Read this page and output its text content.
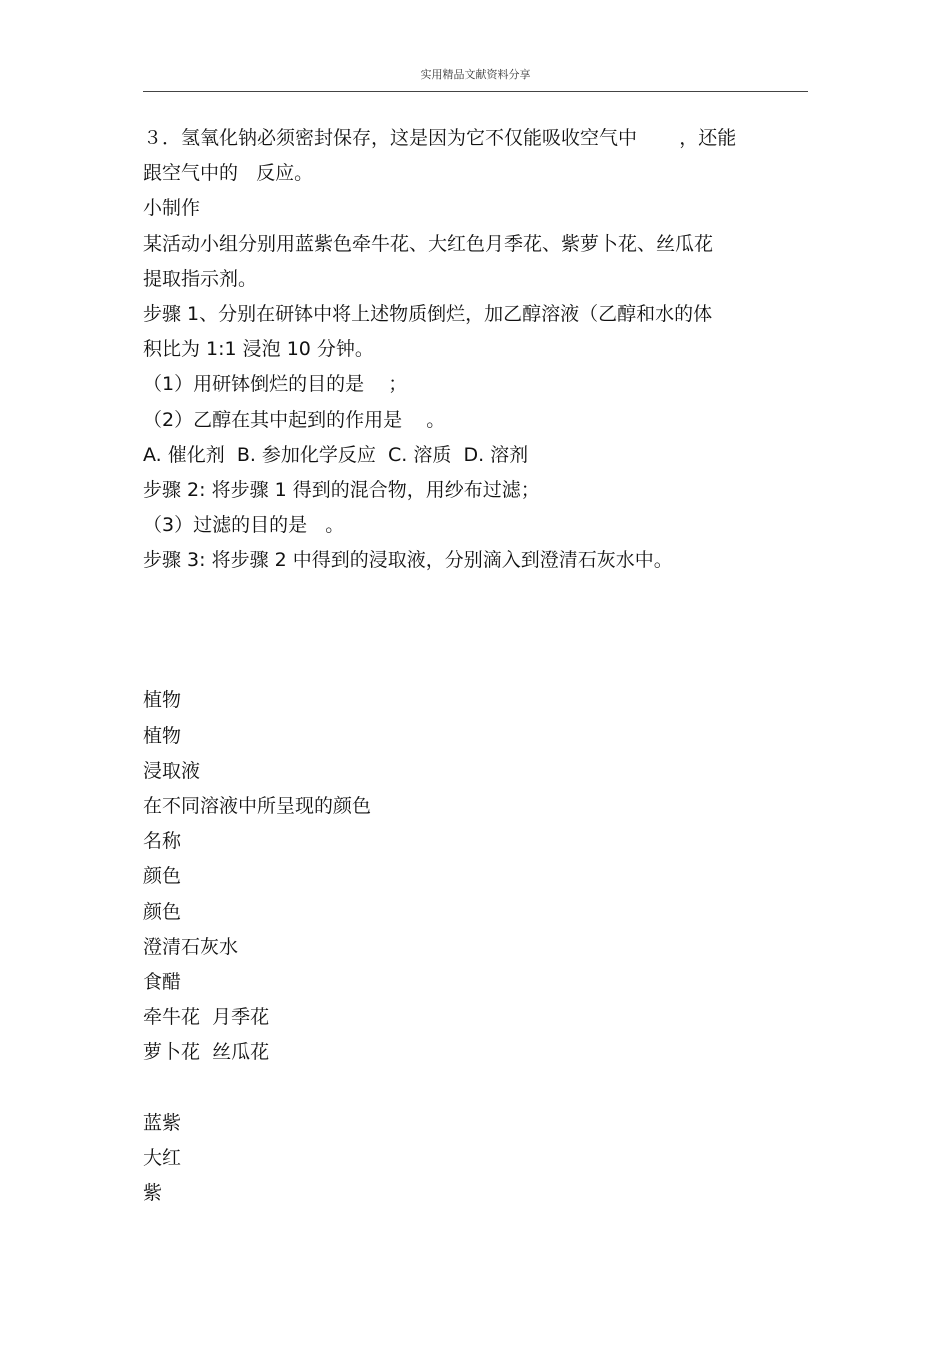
实用精品文献资料分享

３．氢氧化钠必须密封保存，这是因为它不仅能吸收空气中       ，还能

跟空气中的   反应。

小制作

某活动小组分别用蓝紫色牵牛花、大红色月季花、紫萝卜花、丝瓜花

提取指示剂。

步骤 1、分别在研钵中将上述物质倒烂，加乙醇溶液（乙醇和水的体

积比为 1:1 浸泡 10 分钟。

（1）用研钵倒烂的目的是    ；

（2）乙醇在其中起到的作用是    。

A. 催化剂  B. 参加化学反应  C. 溶质  D. 溶剂

步骤 2: 将步骤 1 得到的混合物，用纱布过滤；

（3）过滤的目的是   。

步骤 3: 将步骤 2 中得到的浸取液，分别滴入到澄清石灰水中。

植物

植物

浸取液

在不同溶液中所呈现的颜色

名称

颜色

颜色

澄清石灰水

食醋

牵牛花  月季花

萝卜花  丝瓜花

蓝紫

大红

紫
